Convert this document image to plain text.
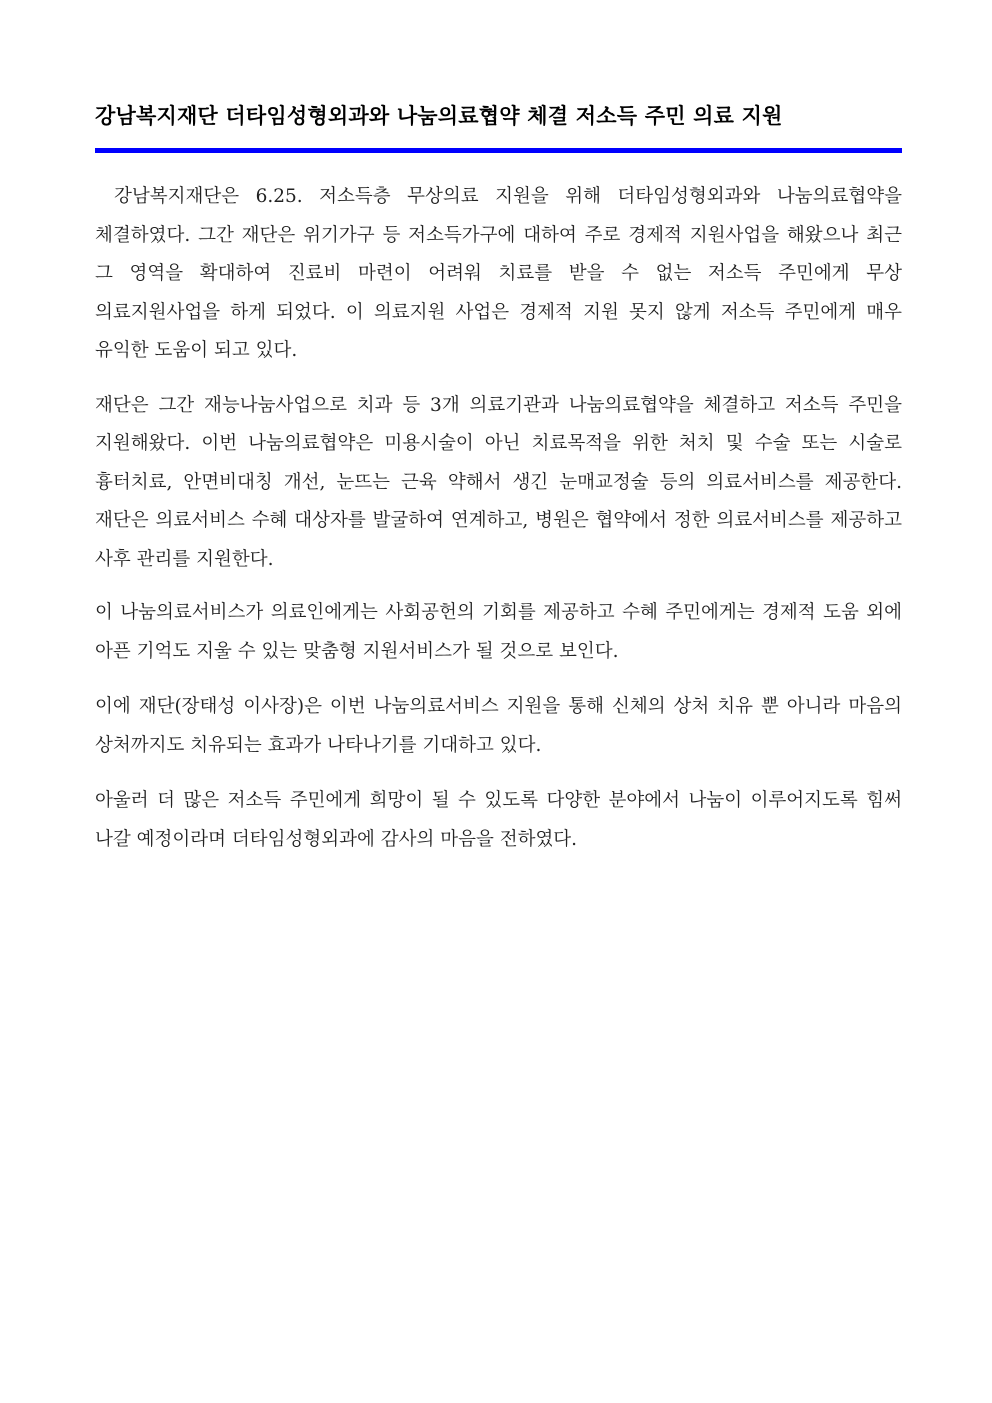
강남복지재단 더타임성형외과와 나눔의료협약 체결 저소득 주민 의료 지원

강남복지재단은 6.25. 저소득층 무상의료 지원을 위해 더타임성형외과와 나눔의료협약을 체결하였다. 그간 재단은 위기가구 등 저소득가구에 대하여 주로 경제적 지원사업을 해왔으나 최근 그 영역을 확대하여 진료비 마련이 어려워 치료를 받을 수 없는 저소득 주민에게 무상 의료지원사업을 하게 되었다. 이 의료지원 사업은 경제적 지원 못지 않게 저소득 주민에게 매우 유익한 도움이 되고 있다.

재단은 그간 재능나눔사업으로 치과 등 3개 의료기관과 나눔의료협약을 체결하고 저소득 주민을 지원해왔다. 이번 나눔의료협약은 미용시술이 아닌 치료목적을 위한 처치 및 수술 또는 시술로 흉터치료, 안면비대칭 개선, 눈뜨는 근육 약해서 생긴 눈매교정술 등의 의료서비스를 제공한다. 재단은 의료서비스 수혜 대상자를 발굴하여 연계하고, 병원은 협약에서 정한 의료서비스를 제공하고 사후 관리를 지원한다.

이 나눔의료서비스가 의료인에게는 사회공헌의 기회를 제공하고 수혜 주민에게는 경제적 도움 외에 아픈 기억도 지울 수 있는 맞춤형 지원서비스가 될 것으로 보인다.

이에 재단(장태성 이사장)은 이번 나눔의료서비스 지원을 통해 신체의 상처 치유 뿐 아니라 마음의 상처까지도 치유되는 효과가 나타나기를 기대하고 있다.

아울러 더 많은 저소득 주민에게 희망이 될 수 있도록 다양한 분야에서 나눔이 이루어지도록 힘써 나갈 예정이라며 더타임성형외과에 감사의 마음을 전하였다.
